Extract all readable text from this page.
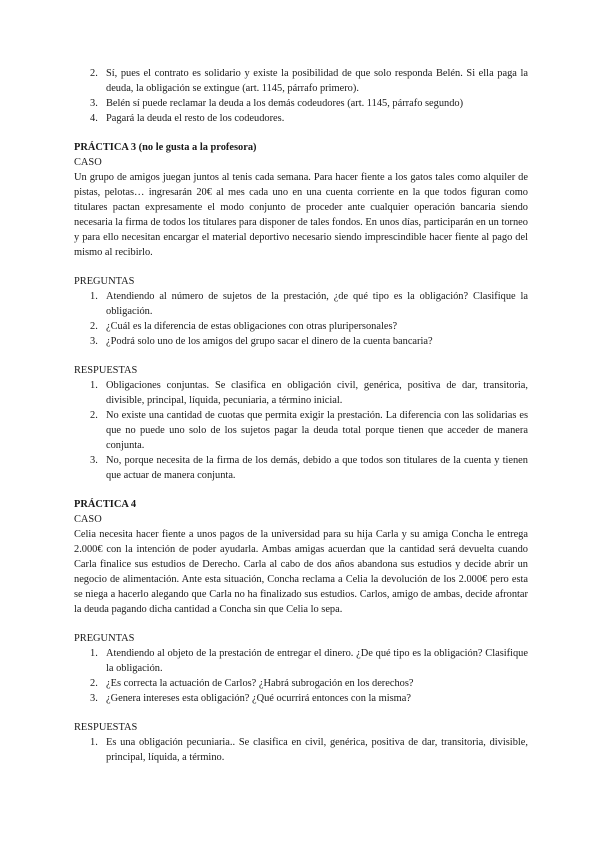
2. Sí, pues el contrato es solidario y existe la posibilidad de que solo responda Belén. Si ella paga la deuda, la obligación se extingue (art. 1145, párrafo primero).
3. Belén sí puede reclamar la deuda a los demás codeudores (art. 1145, párrafo segundo)
4. Pagará la deuda el resto de los codeudores.
PRÁCTICA 3 (no le gusta a la profesora)
CASO

Un grupo de amigos juegan juntos al tenis cada semana. Para hacer fiente a los gatos tales como alquiler de pistas, pelotas… ingresarán 20€ al mes cada uno en una cuenta corriente en la que todos figuran como titulares pactan expresamente el modo conjunto de proceder ante cualquier operación bancaria siendo necesaria la firma de todos los titulares para disponer de tales fondos. En unos días, participarán en un torneo y para ello necesitan encargar el material deportivo necesario siendo imprescindible hacer fiente al pago del mismo al recibirlo.

PREGUNTAS
1. Atendiendo al número de sujetos de la prestación, ¿de qué tipo es la obligación? Clasifique la obligación.
2. ¿Cuál es la diferencia de estas obligaciones con otras pluripersonales?
3. ¿Podrá solo uno de los amigos del grupo sacar el dinero de la cuenta bancaria?
RESPUESTAS
1. Obligaciones conjuntas. Se clasifica en obligación civil, genérica, positiva de dar, transitoria, divisible, principal, líquida, pecuniaria, a término inicial.
2. No existe una cantidad de cuotas que permita exigir la prestación. La diferencia con las solidarias es que no puede uno solo de los sujetos pagar la deuda total porque tienen que acceder de manera conjunta.
3. No, porque necesita de la firma de los demás, debido a que todos son titulares de la cuenta y tienen que actuar de manera conjunta.
PRÁCTICA 4
CASO

Celia necesita hacer fiente a unos pagos de la universidad para su hija Carla y su amiga Concha le entrega 2.000€ con la intención de poder ayudarla. Ambas amigas acuerdan que la cantidad será devuelta cuando Carla finalice sus estudios de Derecho. Carla al cabo de dos años abandona sus estudios y decide abrir un negocio de alimentación. Ante esta situación, Concha reclama a Celia la devolución de los 2.000€ pero esta se niega a hacerlo alegando que Carla no ha finalizado sus estudios. Carlos, amigo de ambas, decide afrontar la deuda pagando dicha cantidad a Concha sin que Celia lo sepa.

PREGUNTAS
1. Atendiendo al objeto de la prestación de entregar el dinero. ¿De qué tipo es la obligación? Clasifique la obligación.
2. ¿Es correcta la actuación de Carlos? ¿Habrá subrogación en los derechos?
3. ¿Genera intereses esta obligación? ¿Qué ocurrirá entonces con la misma?
RESPUESTAS
1. Es una obligación pecuniaria.. Se clasifica en civil, genérica, positiva de dar, transitoria, divisible, principal, líquida, a término.
